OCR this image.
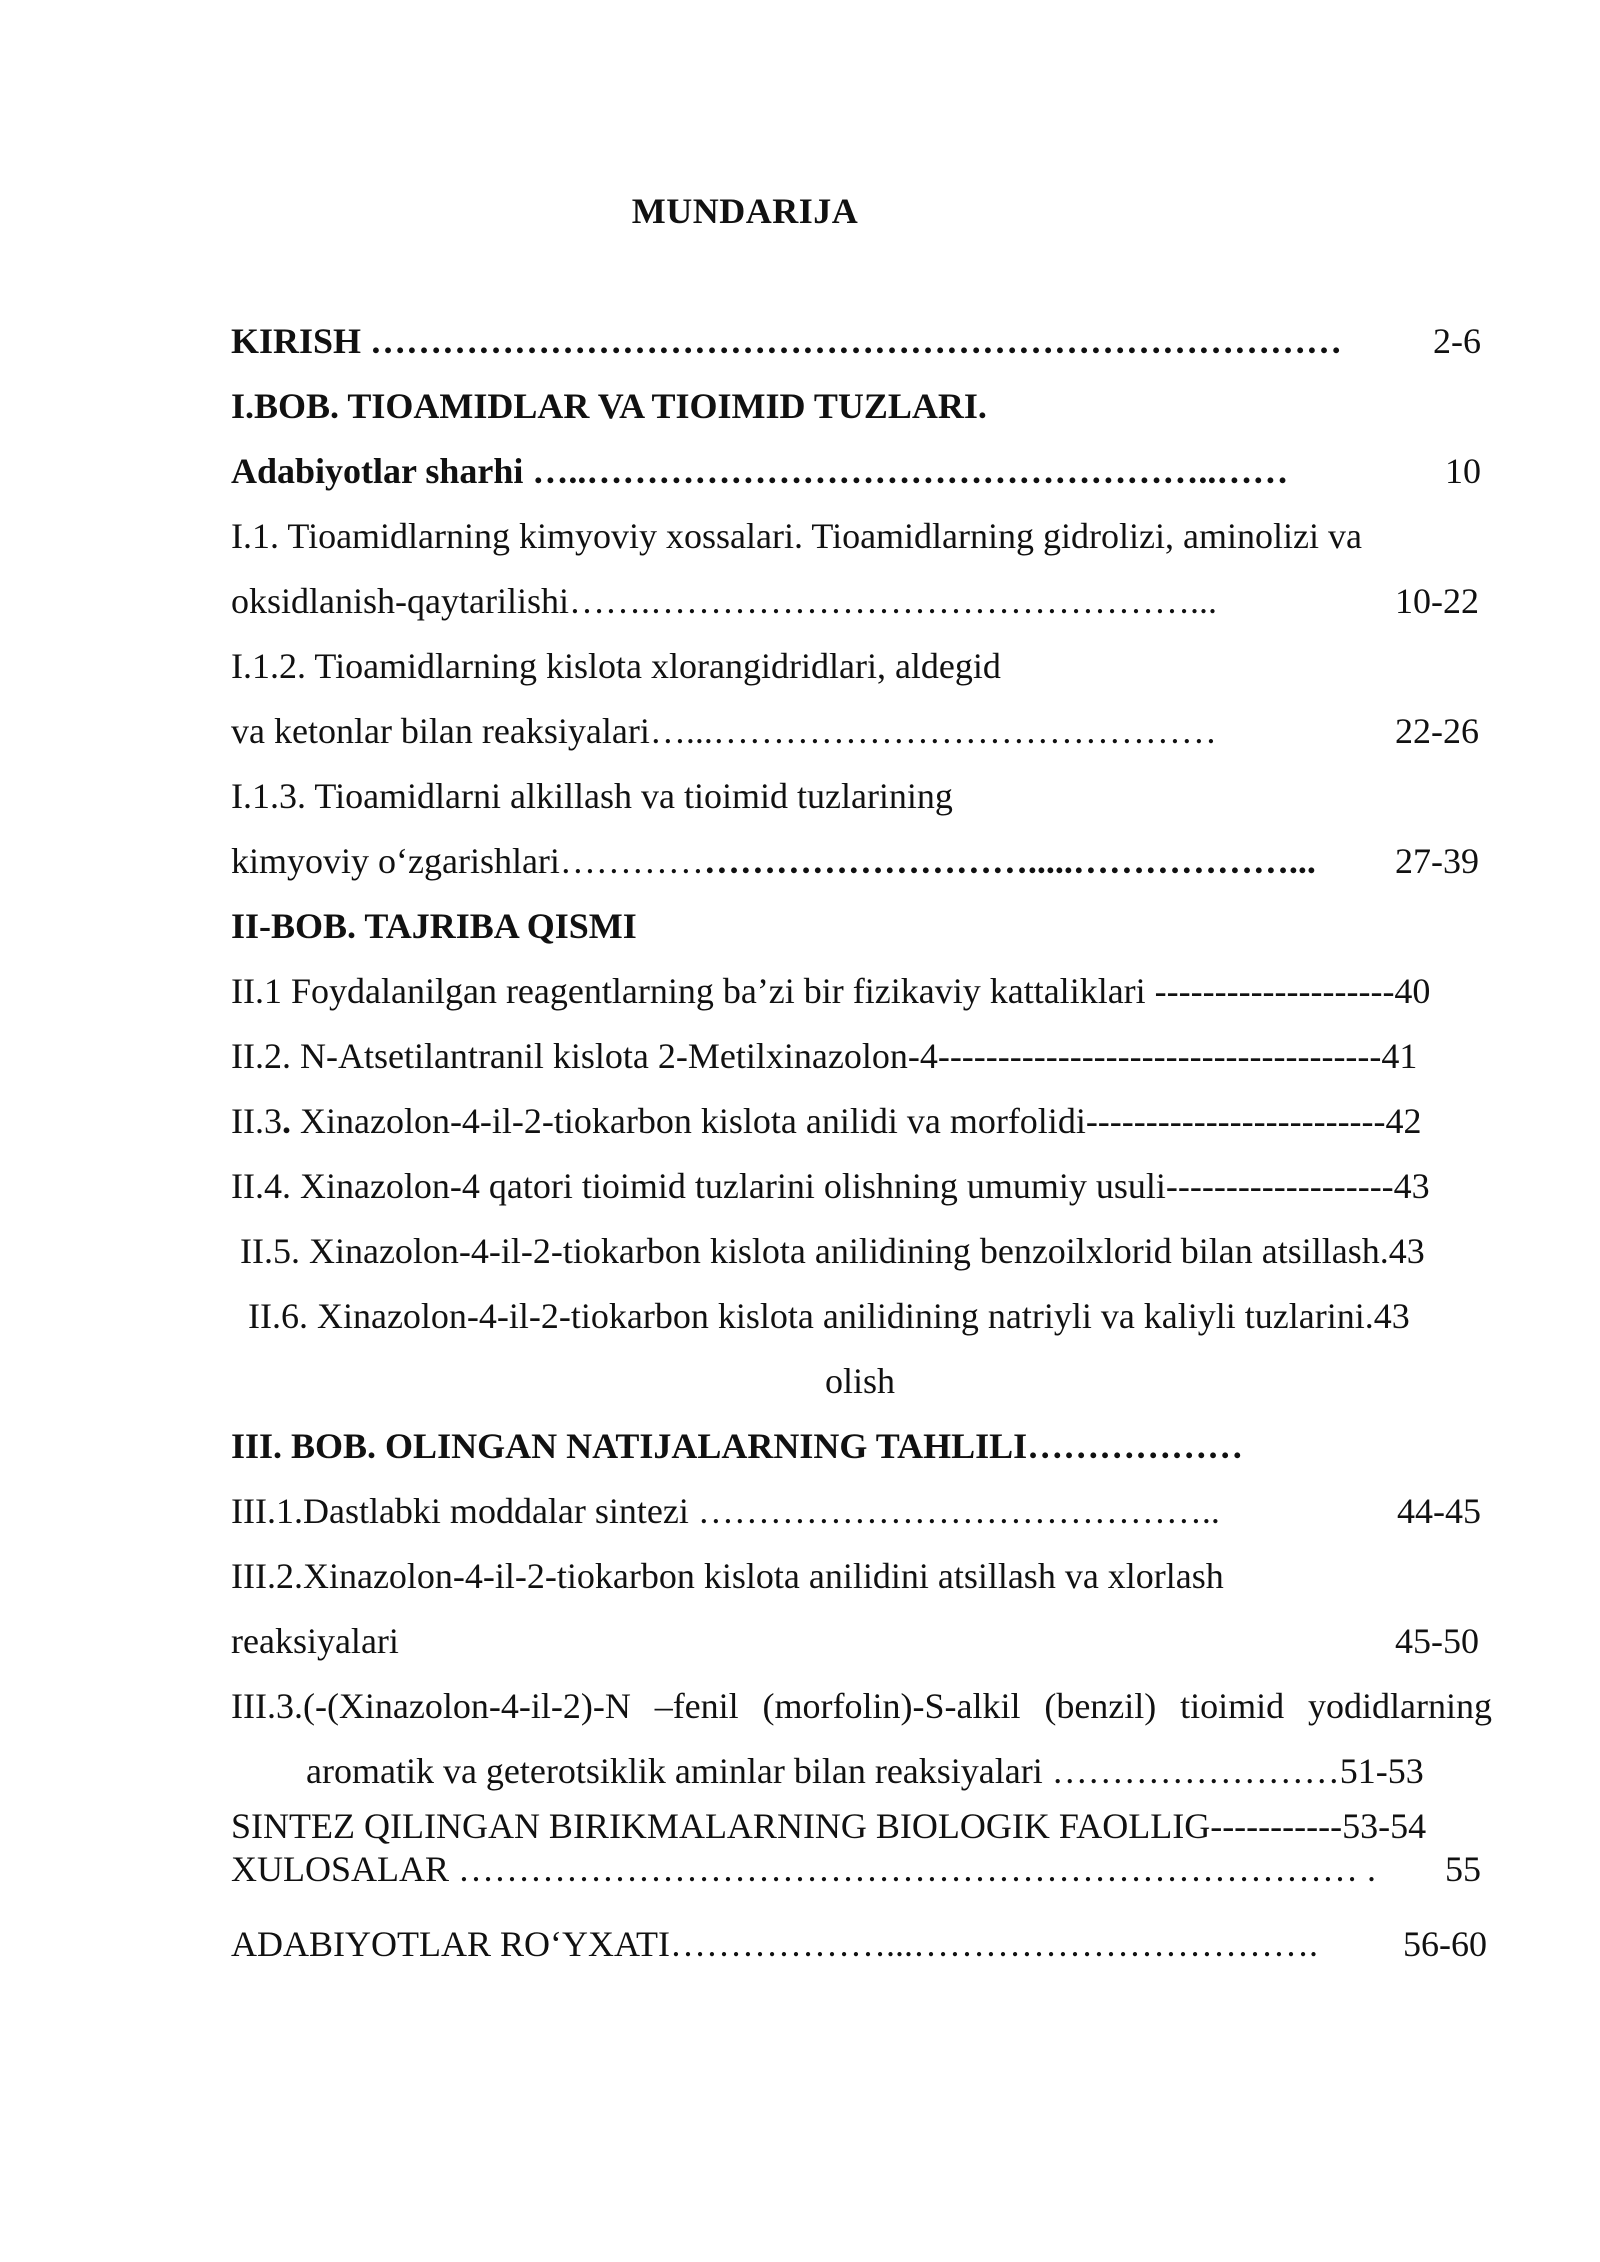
MUNDARIJA
KIRISH ………………………………………………………………………	2-6
I.BOB. TIOAMIDLAR VA TIOIMID TUZLARI.
Adabiyotlar sharhi …..……………………………………………..……	10
I.1. Tioamidlarning kimyoviy xossalari. Tioamidlarning gidrolizi, aminolizi va
oksidlanish-qaytarilishi…….………………………………………...	10-22
I.1.2. Tioamidlarning kislota xlorangidridlari, aldegid
va ketonlar bilan reaksiyalari…...……………………………………	22-26
I.1.3. Tioamidlarni alkillash va tioimid tuzlarining
kimyoviy o‘zgarishlari………………………………….....………………... 27-39
II-BOB. TAJRIBA QISMI
II.1 Foydalanilgan reagentlarning ba’zi bir fizikaviy kattaliklari --------------------40
II.2. N-Atsetilantranil kislota 2-Metilxinazolon-4-------------------------------------41
II.3. Xinazolon-4-il-2-tiokarbon kislota anilidi va morfolidi-------------------------42
II.4. Xinazolon-4 qatori tioimid tuzlarini olishning umumiy usuli-------------------43
II.5. Xinazolon-4-il-2-tiokarbon kislota anilidining benzoilxlorid bilan atsillash.43
II.6. Xinazolon-4-il-2-tiokarbon kislota anilidining natriyli va kaliyli tuzlarini.43
olish
III. BOB. OLINGAN NATIJALARNING TAHLILI………………
III.1.Dastlabki moddalar sintezi ……………………………………..	44-45
III.2.Xinazolon-4-il-2-tiokarbon kislota anilidini atsillash va xlorlash
reaksiyalari	45-50
III.3.(-(Xinazolon-4-il-2)-N –fenil (morfolin)-S-alkil (benzil) tioimid yodidlarning
aromatik va geterotsiklik aminlar bilan reaksiyalari ……………………51-53
SINTEZ QILINGAN BIRIKMALARNING BIOLOGIK FAOLLIG-----------53-54
XULOSALAR ………………………………………………………………… . 55
ADABIYOTLAR RO‘YXATI………………...……………………………. 56-60
